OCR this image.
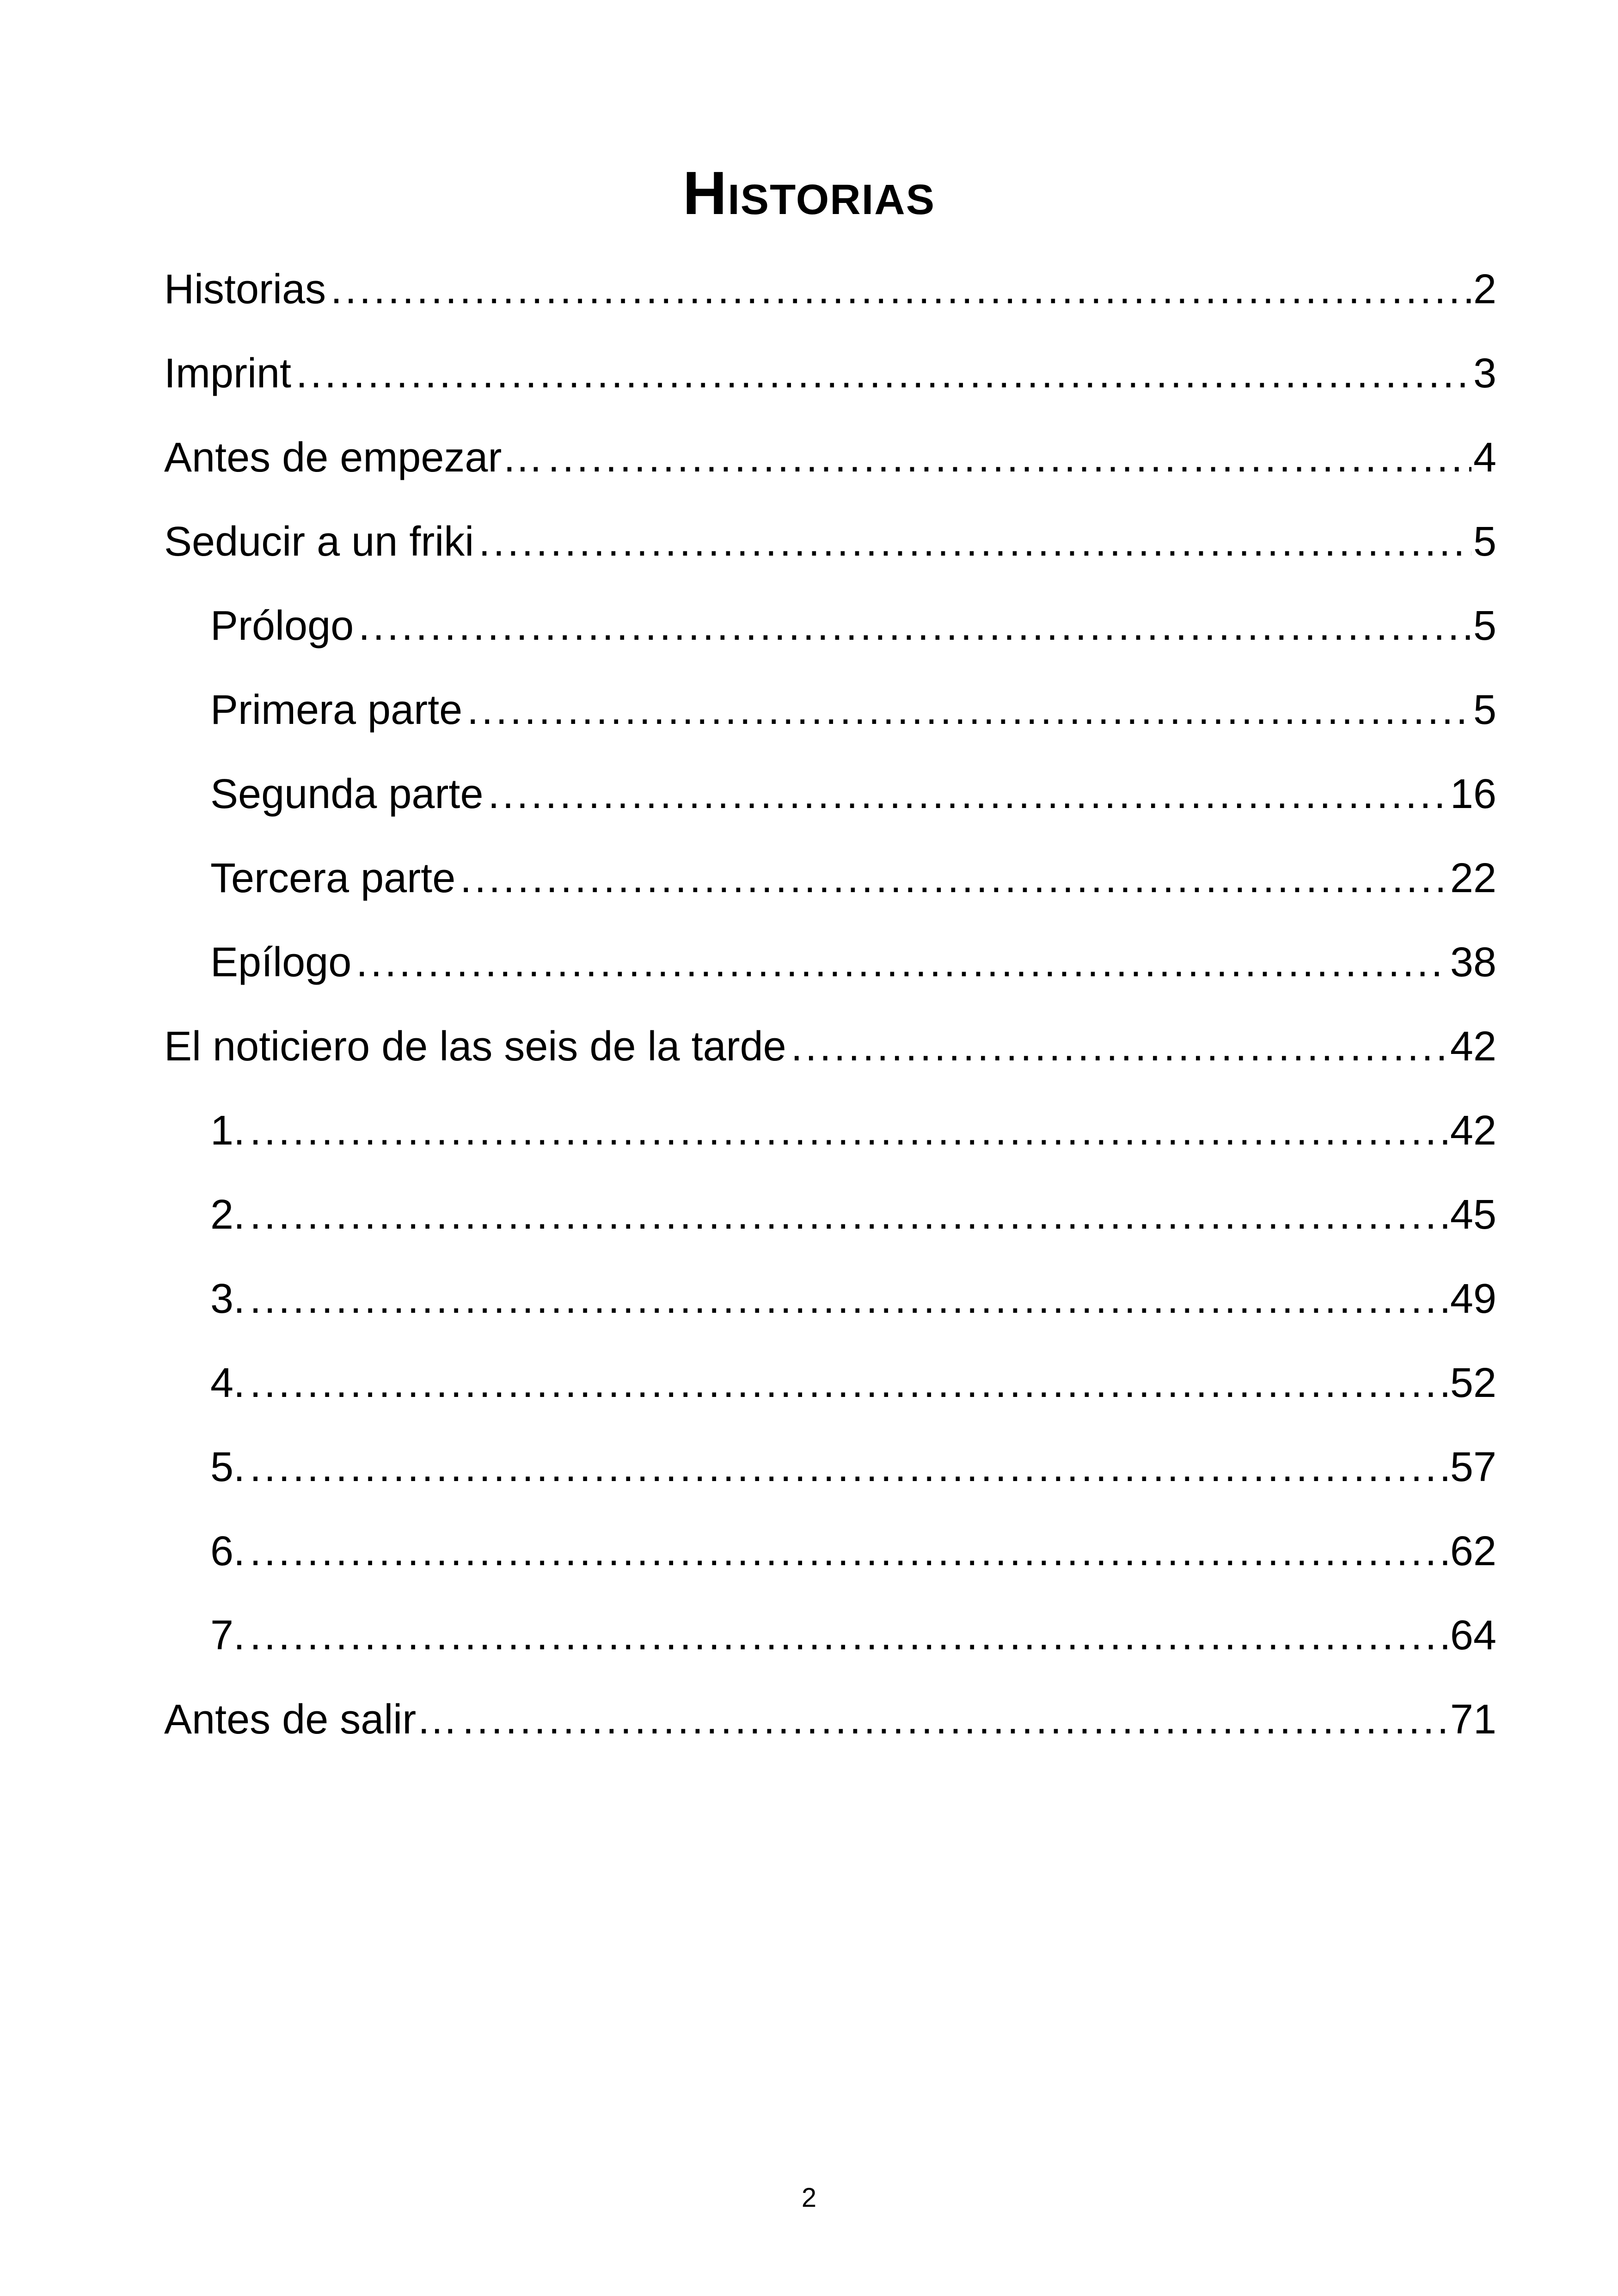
Historias
Historias .....	2
Imprint .....	3
Antes de empezar… .....	4
Seducir a un friki .....	5
Prólogo .....	5
Primera parte .....	5
Segunda parte .....	16
Tercera parte .....	22
Epílogo .....	38
El noticiero de las seis de la tarde .....	42
1. .....	42
2. .....	45
3. .....	49
4. .....	52
5. .....	57
6. .....	62
7. .....	64
Antes de salir… .....	71
2
